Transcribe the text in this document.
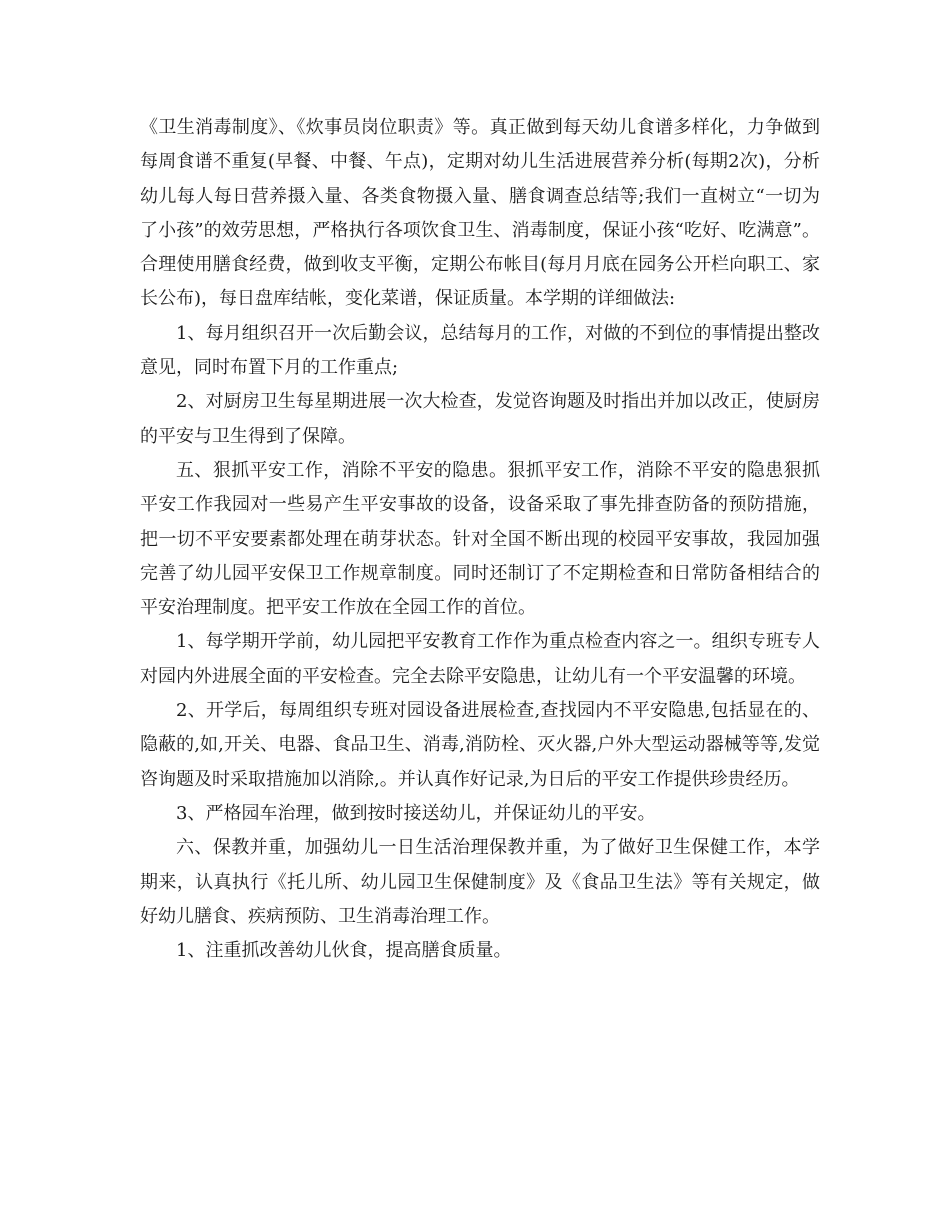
《卫生消毒制度》、《炊事员岗位职责》等。真正做到每天幼儿食谱多样化，力争做到每周食谱不重复(早餐、中餐、午点)，定期对幼儿生活进展营养分析(每期2次)，分析幼儿每人每日营养摄入量、各类食物摄入量、膳食调查总结等;我们一直树立“一切为了小孩”的效劳思想，严格执行各项饮食卫生、消毒制度，保证小孩“吃好、吃满意”。合理使用膳食经费，做到收支平衡，定期公布帐目(每月月底在园务公开栏向职工、家长公布)，每日盘库结帐，变化菜谱，保证质量。本学期的详细做法:

1、每月组织召开一次后勤会议，总结每月的工作，对做的不到位的事情提出整改意见，同时布置下月的工作重点;

2、对厨房卫生每星期进展一次大检查，发觉咨询题及时指出并加以改正，使厨房的平安与卫生得到了保障。

五、狠抓平安工作，消除不平安的隐患。狠抓平安工作，消除不平安的隐患狠抓平安工作我园对一些易产生平安事故的设备，设备采取了事先排查防备的预防措施，把一切不平安要素都处理在萌芽状态。针对全国不断出现的校园平安事故，我园加强完善了幼儿园平安保卫工作规章制度。同时还制订了不定期检查和日常防备相结合的平安治理制度。把平安工作放在全园工作的首位。

1、每学期开学前，幼儿园把平安教育工作作为重点检查内容之一。组织专班专人对园内外进展全面的平安检查。完全去除平安隐患，让幼儿有一个平安温馨的环境。

2、开学后，每周组织专班对园设备进展检查,查找园内不平安隐患,包括显在的、隐蔽的,如,开关、电器、食品卫生、消毒,消防栓、灭火器,户外大型运动器械等等,发觉咨询题及时采取措施加以消除,。并认真作好记录,为日后的平安工作提供珍贵经历。

3、严格园车治理，做到按时接送幼儿，并保证幼儿的平安。

六、保教并重，加强幼儿一日生活治理保教并重，为了做好卫生保健工作，本学期来，认真执行《托儿所、幼儿园卫生保健制度》及《食品卫生法》等有关规定，做好幼儿膳食、疾病预防、卫生消毒治理工作。

1、注重抓改善幼儿伙食，提高膳食质量。
